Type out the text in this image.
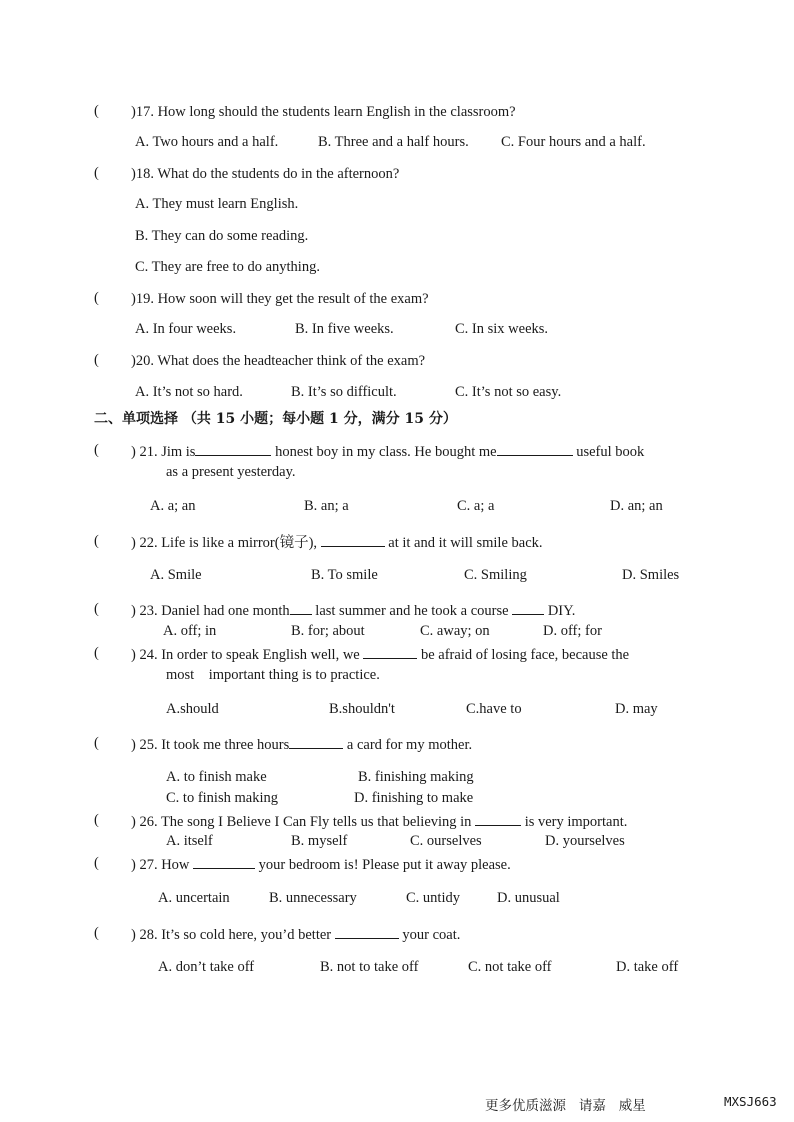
( )17. How long should the students learn English in the classroom?
A. Two hours and a half.	B. Three and a half hours. C. Four hours and a half.
( )18. What do the students do in the afternoon?
A. They must learn English.
B. They can do some reading.
C. They are free to do anything.
( )19. How soon will they get the result of the exam?
A. In four weeks.	B. In five weeks.	C. In six weeks.
( )20. What does the headteacher think of the exam?
A. It’s not so hard.	B. It’s so difficult.	C. It’s not so easy.
二、单项选择 （共 15 小题；每小题 1 分，满分 15 分）
( ) 21. Jim is	honest boy in my class. He bought me	useful book
as a present yesterday.
A. a; an	B. an; a	C. a; a	D. an; an
( ) 22. Life is like a mirror(镜子),	at it and it will smile back.
A. Smile	B. To smile	C. Smiling	D. Smiles
( ) 23. Daniel had one month last summer and he took a course	DIY.
A. off; in	B. for; about	C. away; on	D. off; for
( ) 24. In order to speak English well, we	be afraid of losing face, because the
most    important thing is to practice.
A.should	B.shouldn't	C.have to	D. may
( ) 25. It took me three hours	a card for my mother.
A. to finish make	B. finishing making
C. to finish making	D. finishing to make
( ) 26. The song I Believe I Can Fly tells us that believing in	is very important.
A. itself	B. myself	C. ourselves	D. yourselves
( ) 27. How	your bedroom is! Please put it away please.
A. uncertain	B. unnecessary	C. untidy	D. unusual
( ) 28. It’s so cold here, you’d better	your coat.
A. don’t take off	B. not to take off	C. not take off	D. take off
更多优质滋源   请嘉   威星	MXSJ663
